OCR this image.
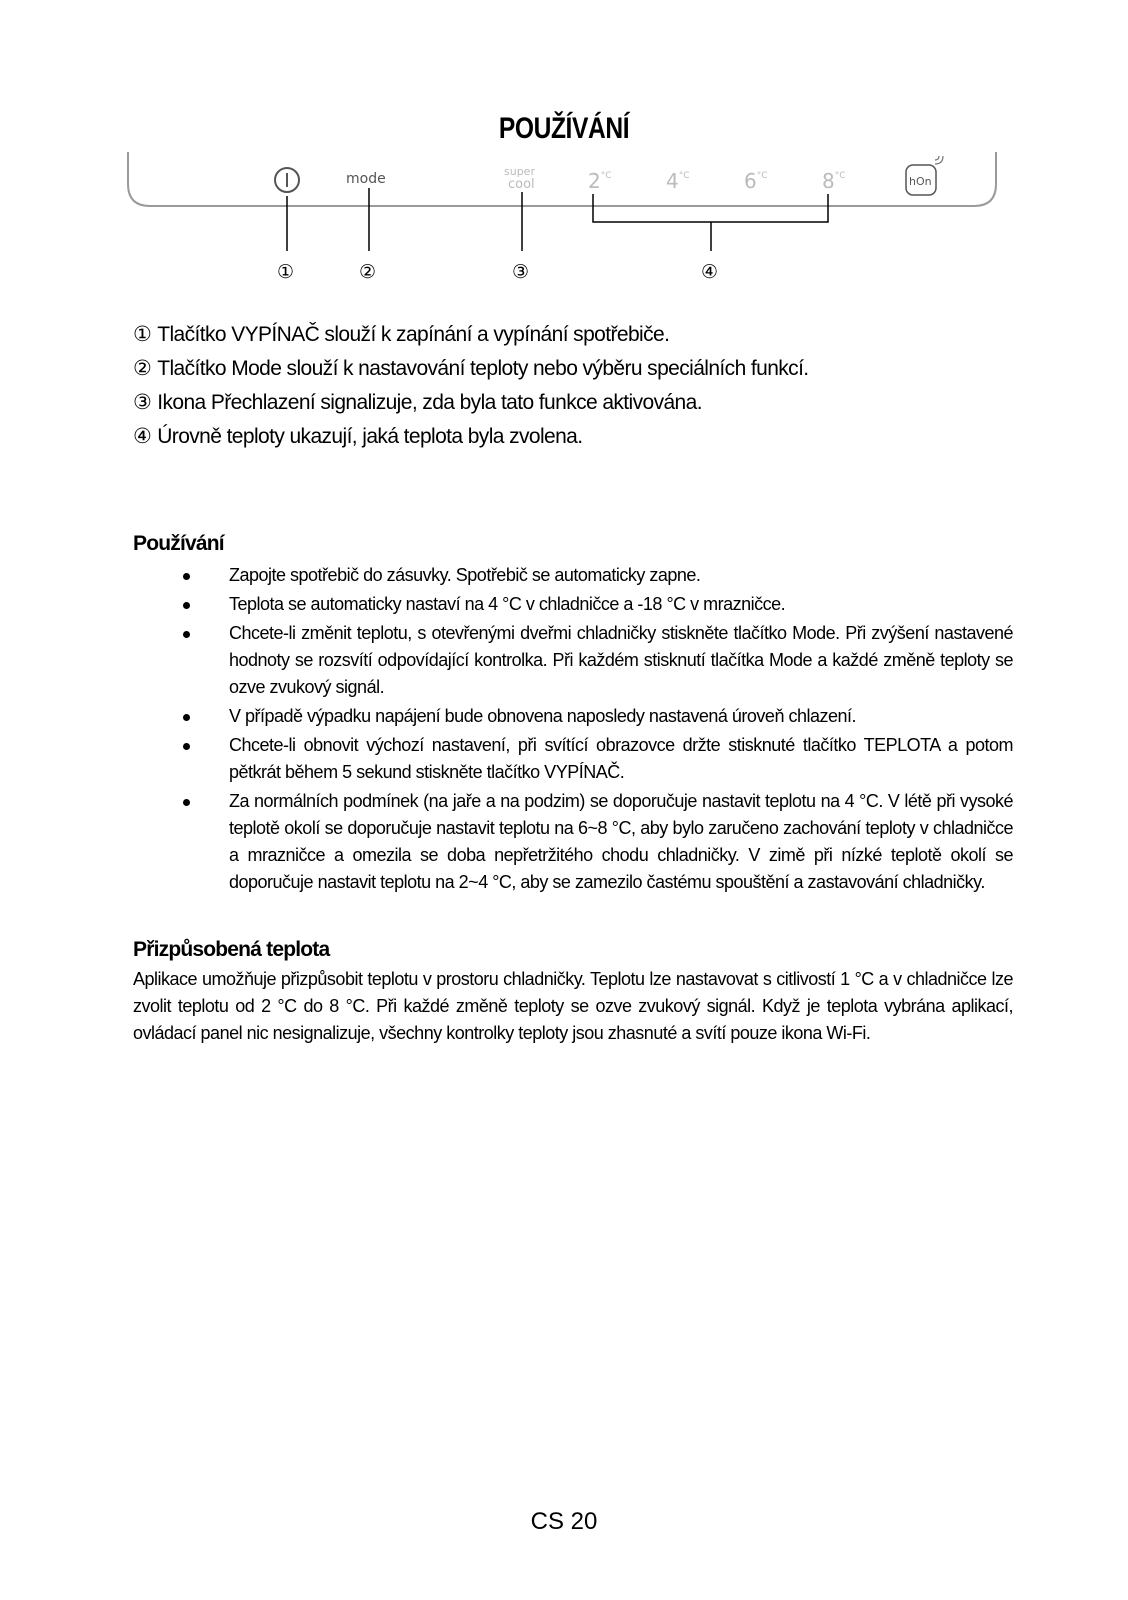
POUŽÍVÁNÍ
mode	super
cool	$2^{^\circ C}$	$4^{^\circ C}$	$6^{^\circ C}$	$8^{^\circ C}$	hOn
①	②	③	④
① Tlačítko VYPÍNAČ slouží k zapínání a vypínání spotřebiče.
② Tlačítko Mode slouží k nastavování teploty nebo výběru speciálních funkcí.
③ Ikona Přechlazení signalizuje, zda byla tato funkce aktivována.
④ Úrovně teploty ukazují, jaká teplota byla zvolena.
Používání
Zapojte spotřebič do zásuvky. Spotřebič se automaticky zapne.
Teplota se automaticky nastaví na 4 °C v chladničce a -18 °C v mrazničce.
Chcete-li změnit teplotu, s otevřenými dveřmi chladničky stiskněte tlačítko Mode. Při zvýšení nastavené hodnoty se rozsvítí odpovídající kontrolka. Při každém stisknutí tlačítka Mode a každé změně teploty se ozve zvukový signál.
V případě výpadku napájení bude obnovena naposledy nastavená úroveň chlazení.
Chcete-li obnovit výchozí nastavení, při svítící obrazovce držte stisknuté tlačítko TEPLOTA a potom pětkrát během 5 sekund stiskněte tlačítko VYPÍNAČ.
Za normálních podmínek (na jaře a na podzim) se doporučuje nastavit teplotu na 4 °C. V létě při vysoké teplotě okolí se doporučuje nastavit teplotu na 6~8 °C, aby bylo zaručeno zachování teploty v chladničce a mrazničce a omezila se doba nepřetržitého chodu chladničky. V zimě při nízké teplotě okolí se doporučuje nastavit teplotu na 2~4 °C, aby se zamezilo častému spouštění a zastavování chladničky.
Přizpůsobená teplota

Aplikace umožňuje přizpůsobit teplotu v prostoru chladničky. Teplotu lze nastavovat s citlivostí 1 °C a v chladničce lze zvolit teplotu od 2 °C do 8 °C. Při každé změně teploty se ozve zvukový signál. Když je teplota vybrána aplikací, ovládací panel nic nesignalizuje, všechny kontrolky teploty jsou zhasnuté a svítí pouze ikona Wi-Fi.

CS 20
